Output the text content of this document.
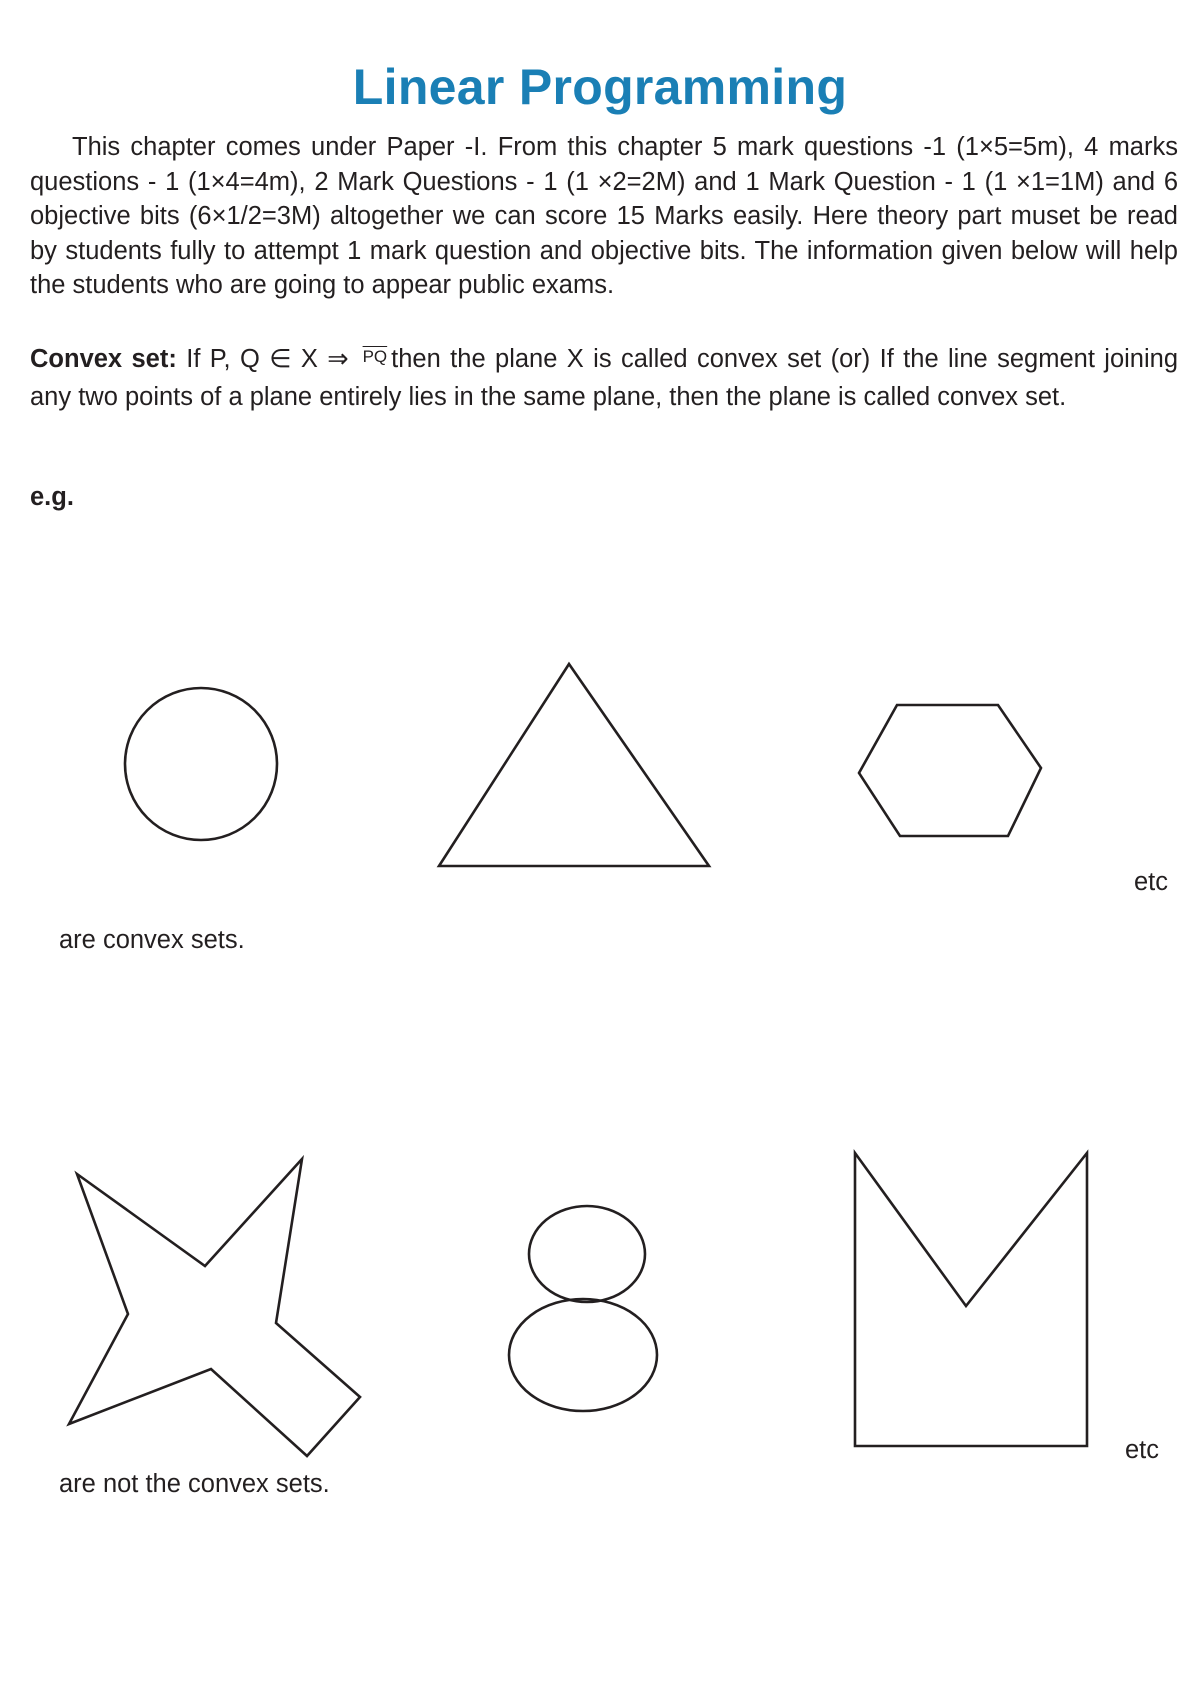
Linear Programming

This chapter comes under Paper -I. From this chapter 5 mark questions -1 (1×5=5m), 4 marks questions - 1 (1×4=4m), 2 Mark Questions - 1 (1 ×2=2M) and 1 Mark Question - 1 (1 ×1=1M) and 6 objective bits (6×1/2=3M) altogether we can score 15 Marks easily. Here theory part muset be read by students fully to attempt 1 mark question and objective bits. The information given below will help the students who are going to appear public exams.

Convex set: If P, Q ∈ X ⇒ $\overline{PQ}$ then the plane X is called convex set (or) If the line segment joining any two points of a plane entirely lies in the same plane, then the plane is called convex set.

e.g.
etc
are convex sets.
etc
are not the convex sets.
